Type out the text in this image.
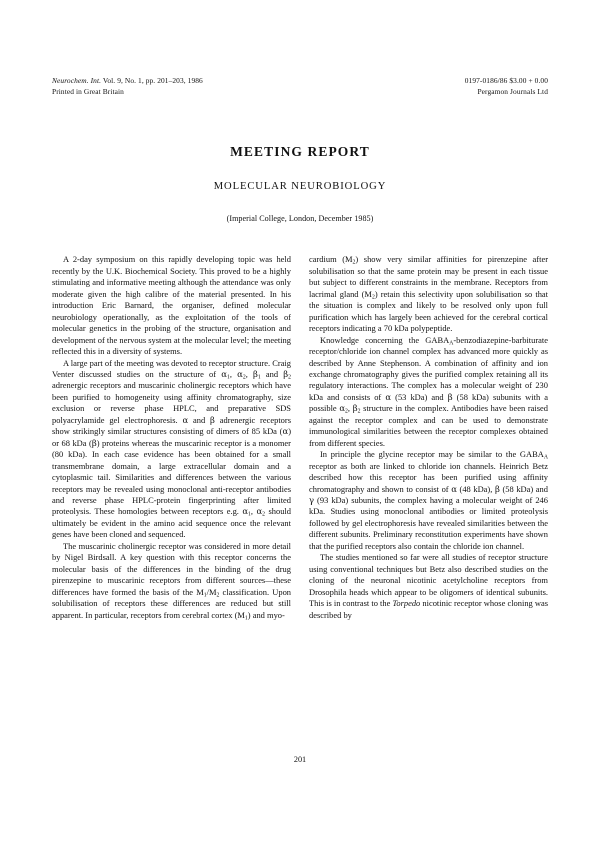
Neurochem. Int. Vol. 9, No. 1, pp. 201–203, 1986
Printed in Great Britain
0197-0186/86 $3.00 + 0.00
Pergamon Journals Ltd
MEETING REPORT
MOLECULAR NEUROBIOLOGY
(Imperial College, London, December 1985)

A 2-day symposium on this rapidly developing topic was held recently by the U.K. Biochemical Society. This proved to be a highly stimulating and informative meeting although the attendance was only moderate given the high calibre of the material presented. In his introduction Eric Barnard, the organiser, defined molecular neurobiology operationally, as the exploitation of the tools of molecular genetics in the probing of the structure, organisation and development of the nervous system at the molecular level; the meeting reflected this in a diversity of systems.

A large part of the meeting was devoted to receptor structure. Craig Venter discussed studies on the structure of $\alpha_1$, $\alpha_2$, $\beta_1$ and $\beta_2$ adrenergic receptors and muscarinic cholinergic receptors which have been purified to homogeneity using affinity chromatography, size exclusion or reverse phase HPLC, and preparative SDS polyacrylamide gel electrophoresis. α and β adrenergic receptors show strikingly similar structures consisting of dimers of 85 kDa (α) or 68 kDa (β) proteins whereas the muscarinic receptor is a monomer (80 kDa). In each case evidence has been obtained for a small transmembrane domain, a large extracellular domain and a cytoplasmic tail. Similarities and differences between the various receptors may be revealed using monoclonal anti-receptor antibodies and reverse phase HPLC-protein fingerprinting after limited proteolysis. These homologies between receptors e.g. $\alpha_1$, $\alpha_2$ should ultimately be evident in the amino acid sequence once the relevant genes have been cloned and sequenced.

The muscarinic cholinergic receptor was considered in more detail by Nigel Birdsall. A key question with this receptor concerns the molecular basis of the differences in the binding of the drug pirenzepine to muscarinic receptors from different sources—these differences have formed the basis of the $M_1/M_2$ classification. Upon solubilisation of receptors these differences are reduced but still apparent. In particular, receptors from cerebral cortex $(M_1)$ and myo-

cardium $(M_2)$ show very similar affinities for pirenzepine after solubilisation so that the same protein may be present in each tissue but subject to different constraints in the membrane. Receptors from lacrimal gland $(M_2)$ retain this selectivity upon solubilisation so that the situation is complex and likely to be resolved only upon full purification which has largely been achieved for the cerebral cortical receptors indicating a 70 kDa polypeptide.

Knowledge concerning the $GABA_A-benzodiazepine$-barbiturate receptor/chloride ion channel complex has advanced more quickly as described by Anne Stephenson. A combination of affinity and ion exchange chromatography gives the purified complex retaining all its regulatory interactions. The complex has a molecular weight of 230 kDa and consists of α (53 kDa) and β (58 kDa) subunits with a possible $\alpha_2$, $\beta_2$ structure in the complex. Antibodies have been raised against the receptor complex and can be used to demonstrate immunological similarities between the receptor complexes obtained from different species.

In principle the glycine receptor may be similar to the $GABA_A$ receptor as both are linked to chloride ion channels. Heinrich Betz described how this receptor has been purified using affinity chromatography and shown to consist of α (48 kDa), β (58 kDa) and γ (93 kDa) subunits, the complex having a molecular weight of 246 kDa. Studies using monoclonal antibodies or limited proteolysis followed by gel electrophoresis have revealed similarities between the different subunits. Preliminary reconstitution experiments have shown that the purified receptors also contain the chloride ion channel.

The studies mentioned so far were all studies of receptor structure using conventional techniques but Betz also described studies on the cloning of the neuronal nicotinic acetylcholine receptors from Drosophila heads which appear to be oligomers of identical subunits. This is in contrast to the Torpedo nicotinic receptor whose cloning was described by

201
